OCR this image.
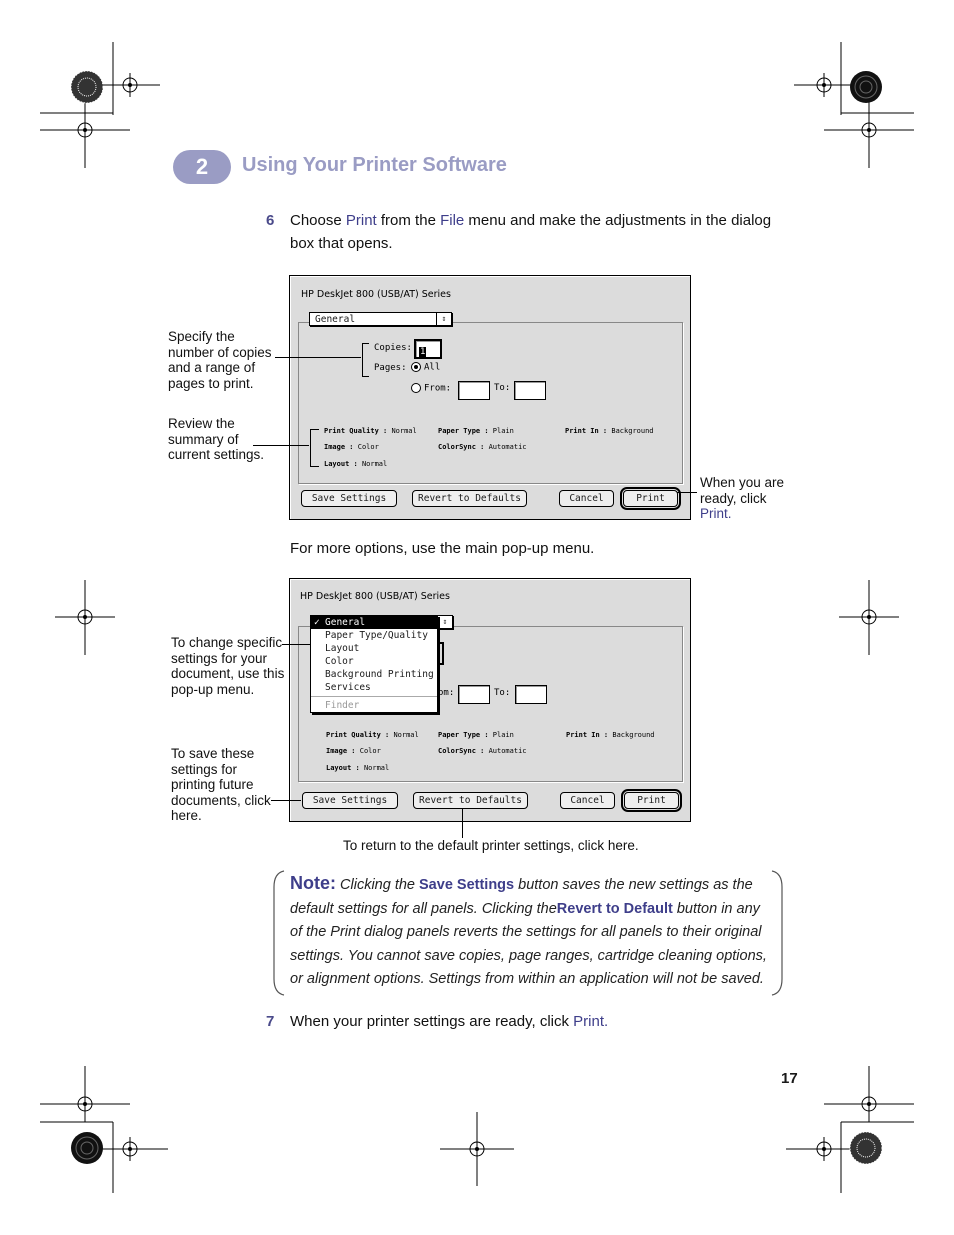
2	Using Your Printer Software
6 Choose Print from the File menu and make the adjustments in the dialog box that opens.
HP DeskJet 800 (USB/AT) Series
General	⇕
Copies: 1
Pages:	All
From:	To:
Print Quality : Normal	Paper Type : Plain	Print In : Background
Image : Color	ColorSync : Automatic
Layout : Normal
Save Settings	Revert to Defaults	Cancel	Print
Specify the
number of copies
and a range of
pages to print.
Review the
summary of
current settings.
When you are
ready, click
Print.
For more options, use the main pop-up menu.
HP DeskJet 800 (USB/AT) Series
⇕
om:	To:
Print Quality : Normal	Paper Type : Plain	Print In : Background
Image : Color	ColorSync : Automatic
Layout : Normal
Save Settings	Revert to Defaults	Cancel	Print
✓ General
Paper Type/Quality
Layout
Color
Background Printing
Services
Finder
To change specific
settings for your
document, use this
pop-up menu.
To save these
settings for
printing future
documents, click
here.
To return to the default printer settings, click here.
Note: Clicking the Save Settings button saves the new settings as the default settings for all panels. Clicking theRevert to Default button in any of the Print dialog panels reverts the settings for all panels to their original settings. You cannot save copies, page ranges, cartridge cleaning options, or alignment options. Settings from within an application will not be saved.
7 When your printer settings are ready, click Print.
17
